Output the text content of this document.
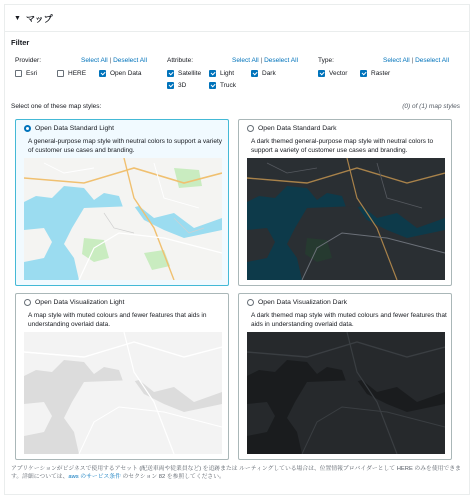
▼ マップ
Filter
Provider:	Select All | Deselect All
Esri	HERE	Open Data
Attribute:	Select All | Deselect All
Satellite	Light	Dark
3D	Truck
Type:	Select All | Deselect All
Vector	Raster
Select one of these map styles:	(0) of (1) map styles
Open Data Standard Light
A general-purpose map style with neutral colors to support a variety of customer use cases and branding.
Open Data Standard Dark
A dark themed general-purpose map style with neutral colors to support a variety of customer use cases and branding.
Open Data Visualization Light
A map style with muted colours and fewer features that aids in understanding overlaid data.
Open Data Visualization Dark
A dark themed map style with muted colours and fewer features that aids in understanding overlaid data.
アプリケーションがビジネスで使用するアセット (配送車両や従業員など) を追跡または ルーティングしている場合は、位置情報プロバイダーとして HERE のみを使用できます。詳細については、aws のサービス条件 のセクション 82 を参照してください。
